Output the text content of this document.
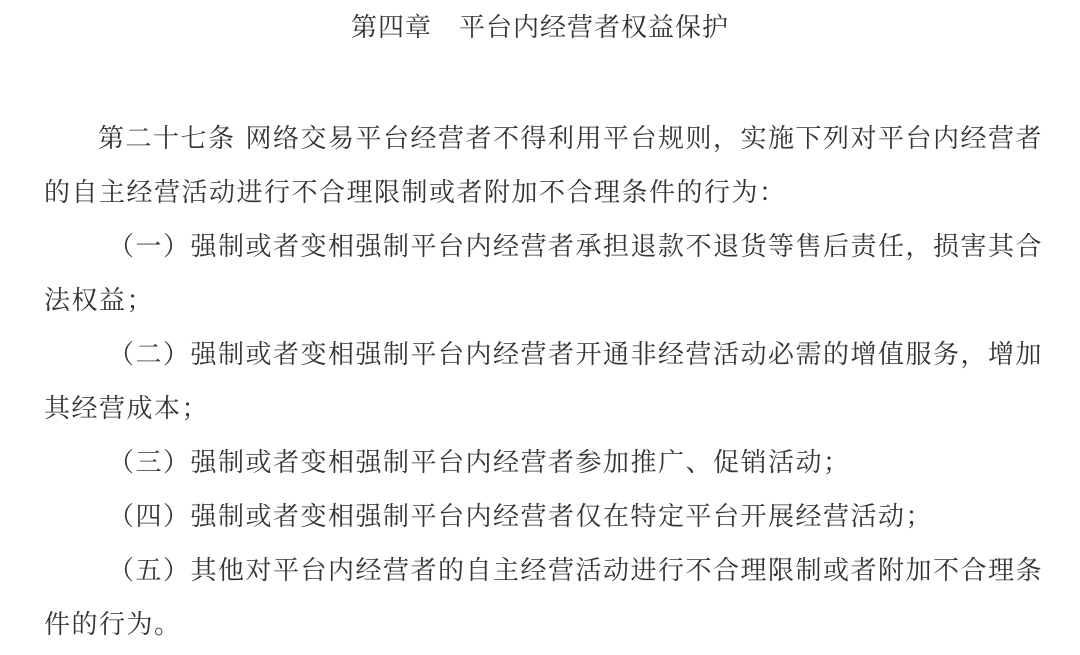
第四章　平台内经营者权益保护

第二十七条 网络交易平台经营者不得利用平台规则，实施下列对平台内经营者的自主经营活动进行不合理限制或者附加不合理条件的行为：

（一）强制或者变相强制平台内经营者承担退款不退货等售后责任，损害其合法权益；

（二）强制或者变相强制平台内经营者开通非经营活动必需的增值服务，增加其经营成本；

（三）强制或者变相强制平台内经营者参加推广、促销活动；

（四）强制或者变相强制平台内经营者仅在特定平台开展经营活动；

（五）其他对平台内经营者的自主经营活动进行不合理限制或者附加不合理条件的行为。
